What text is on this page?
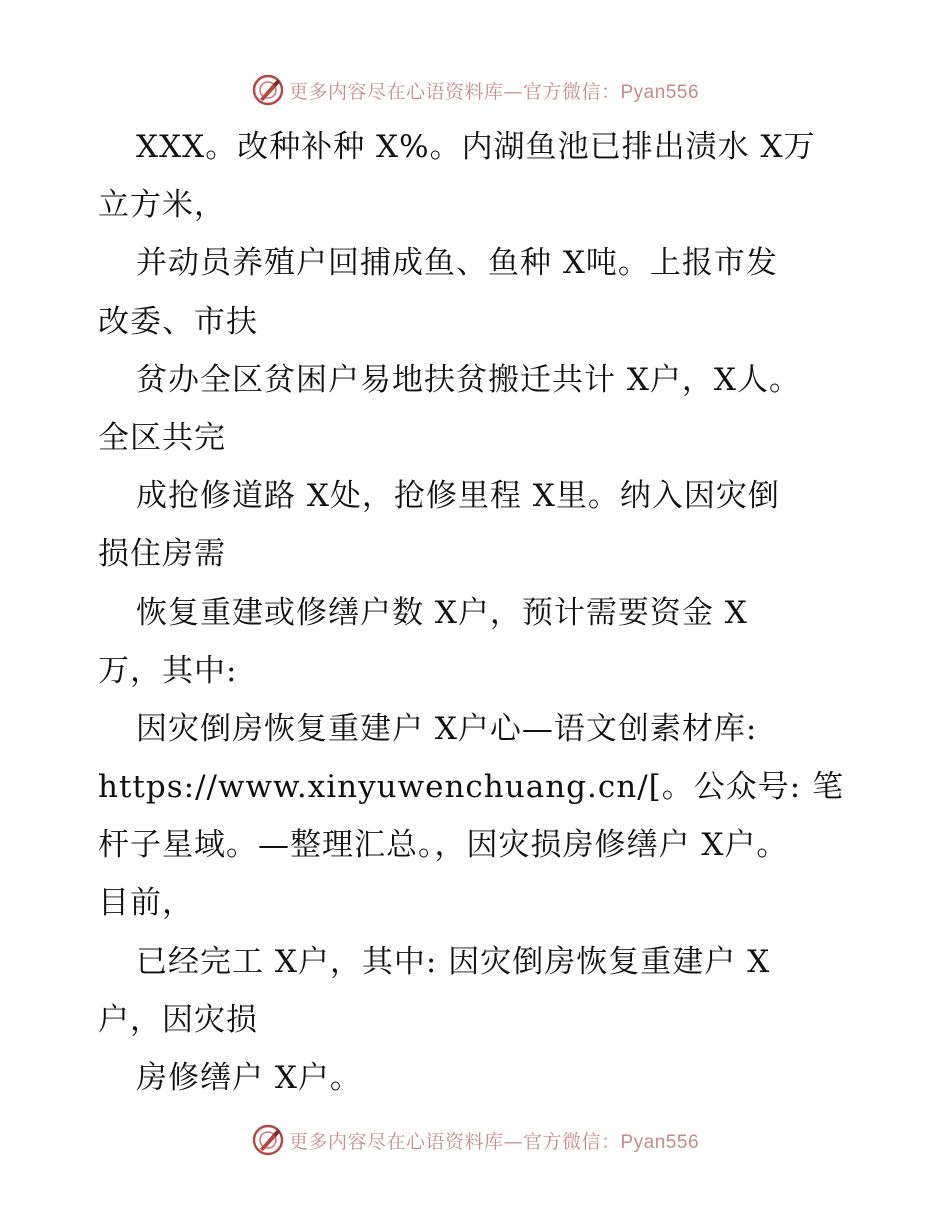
更多内容尽在心语资料库—官方微信：Pyan556
XXX。改种补种 X%。内湖鱼池已排出渍水 X万
立方米，
并动员养殖户回捕成鱼、鱼种 X吨。上报市发
改委、市扶
贫办全区贫困户易地扶贫搬迁共计 X户，X人。
全区共完
成抢修道路 X处，抢修里程 X里。纳入因灾倒
损住房需
恢复重建或修缮户数 X户，预计需要资金 X
万，其中:
因灾倒房恢复重建户 X户心—语文创素材库:
https://www.xinyuwenchuang.cn/[。公众号: 笔
杆子星域。—整理汇总。，因灾损房修缮户 X户。
目前，
已经完工 X户，其中: 因灾倒房恢复重建户 X
户，因灾损
房修缮户 X户。
更多内容尽在心语资料库—官方微信：Pyan556
